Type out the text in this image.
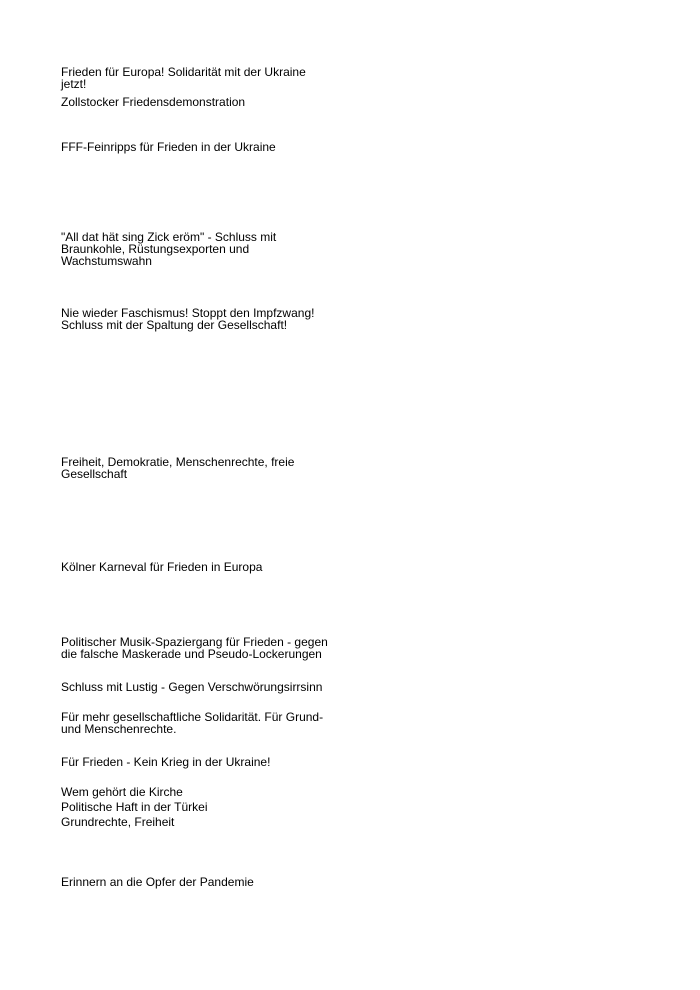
Frieden für Europa! Solidarität mit der Ukraine
jetzt!

Zollstocker Friedensdemonstration

FFF-Feinripps für Frieden in der Ukraine

"All dat hät sing Zick eröm" - Schluss mit
Braunkohle, Rüstungsexporten und
Wachstumswahn

Nie wieder Faschismus! Stoppt den Impfzwang!
Schluss mit der Spaltung der Gesellschaft!

Freiheit, Demokratie, Menschenrechte, freie
Gesellschaft

Kölner Karneval für Frieden in Europa

Politischer Musik-Spaziergang für Frieden - gegen
die falsche Maskerade und Pseudo-Lockerungen

Schluss mit Lustig - Gegen Verschwörungsirrsinn

Für mehr gesellschaftliche Solidarität. Für Grund-
und Menschenrechte.

Für Frieden - Kein Krieg in der Ukraine!

Wem gehört die Kirche

Politische Haft in der Türkei

Grundrechte, Freiheit

Erinnern an die Opfer der Pandemie
